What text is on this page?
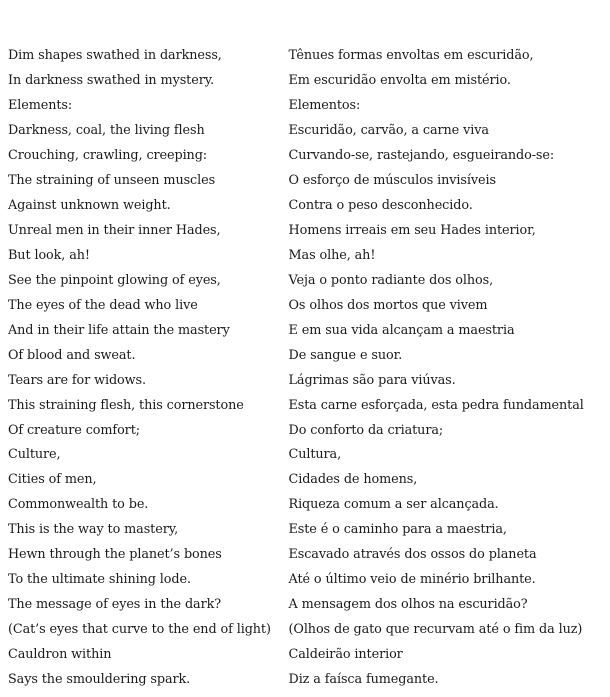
Dim shapes swathed in darkness,	Tênues formas envoltas em escuridão,
In darkness swathed in mystery.	Em escuridão envolta em mistério.
Elements:	Elementos:
Darkness, coal, the living flesh	Escuridão, carvão, a carne viva
Crouching, crawling, creeping:	Curvando-se, rastejando, esgueirando-se:
The straining of unseen muscles	O esforço de músculos invisíveis
Against unknown weight.	Contra o peso desconhecido.
Unreal men in their inner Hades,	Homens irreais em seu Hades interior,
But look, ah!	Mas olhe, ah!
See the pinpoint glowing of eyes,	Veja o ponto radiante dos olhos,
The eyes of the dead who live	Os olhos dos mortos que vivem
And in their life attain the mastery	E em sua vida alcançam a maestria
Of blood and sweat.	De sangue e suor.
Tears are for widows.	Lágrimas são para viúvas.
This straining flesh, this cornerstone	Esta carne esforçada, esta pedra fundamental
Of creature comfort;	Do conforto da criatura;
Culture,	Cultura,
Cities of men,	Cidades de homens,
Commonwealth to be.	Riqueza comum a ser alcançada.
This is the way to mastery,	Este é o caminho para a maestria,
Hewn through the planet’s bones	Escavado através dos ossos do planeta
To the ultimate shining lode.	Até o último veio de minério brilhante.
The message of eyes in the dark?	A mensagem dos olhos na escuridão?
(Cat’s eyes that curve to the end of light)	(Olhos de gato que recurvam até o fim da luz)
Cauldron within	Caldeirão interior
Says the smouldering spark.	Diz a faísca fumegante.
